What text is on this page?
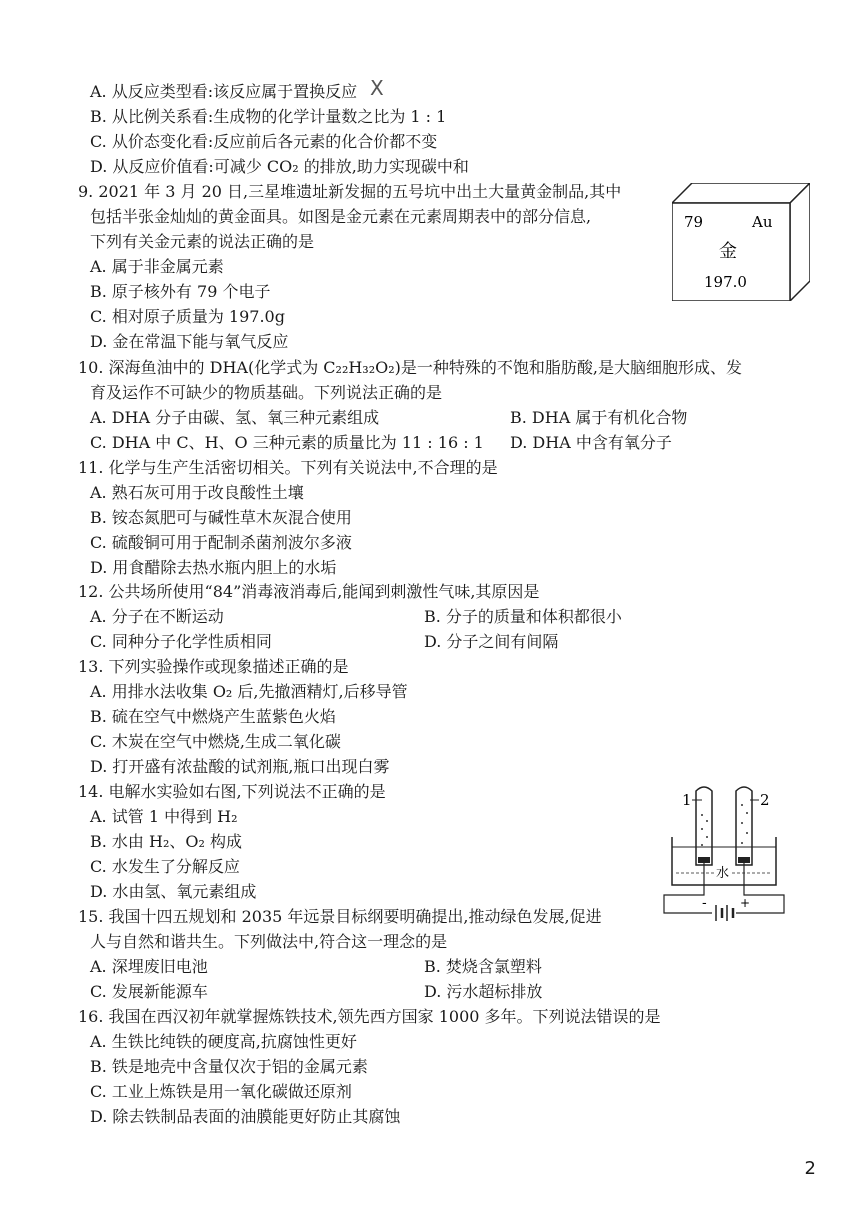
A. 从反应类型看:该反应属于置换反应 X
B. 从比例关系看:生成物的化学计量数之比为 1 : 1
C. 从价态变化看:反应前后各元素的化合价都不变
D. 从反应价值看:可减少 CO₂ 的排放,助力实现碳中和
9. 2021 年 3 月 20 日,三星堆遗址新发掘的五号坑中出土大量黄金制品,其中
包括半张金灿灿的黄金面具。如图是金元素在元素周期表中的部分信息,
下列有关金元素的说法正确的是
A. 属于非金属元素
B. 原子核外有 79 个电子
C. 相对原子质量为 197.0g
D. 金在常温下能与氧气反应
79	Au
金
197.0
10. 深海鱼油中的 DHA(化学式为 C₂₂H₃₂O₂)是一种特殊的不饱和脂肪酸,是大脑细胞形成、发
育及运作不可缺少的物质基础。下列说法正确的是
A. DHA 分子由碳、氢、氧三种元素组成	B. DHA 属于有机化合物
C. DHA 中 C、H、O 三种元素的质量比为 11 : 16 : 1 D. DHA 中含有氧分子
11. 化学与生产生活密切相关。下列有关说法中,不合理的是
A. 熟石灰可用于改良酸性土壤
B. 铵态氮肥可与碱性草木灰混合使用
C. 硫酸铜可用于配制杀菌剂波尔多液
D. 用食醋除去热水瓶内胆上的水垢
12. 公共场所使用“84”消毒液消毒后,能闻到刺激性气味,其原因是
A. 分子在不断运动	B. 分子的质量和体积都很小
C. 同种分子化学性质相同	D. 分子之间有间隔
13. 下列实验操作或现象描述正确的是
A. 用排水法收集 O₂ 后,先撤酒精灯,后移导管
B. 硫在空气中燃烧产生蓝紫色火焰
C. 木炭在空气中燃烧,生成二氧化碳
D. 打开盛有浓盐酸的试剂瓶,瓶口出现白雾
14. 电解水实验如右图,下列说法不正确的是
A. 试管 1 中得到 H₂
B. 水由 H₂、O₂ 构成
C. 水发生了分解反应
D. 水由氢、氧元素组成
1	2
水
-	+
15. 我国十四五规划和 2035 年远景目标纲要明确提出,推动绿色发展,促进
人与自然和谐共生。下列做法中,符合这一理念的是
A. 深埋废旧电池	B. 焚烧含氯塑料
C. 发展新能源车	D. 污水超标排放
16. 我国在西汉初年就掌握炼铁技术,领先西方国家 1000 多年。下列说法错误的是
A. 生铁比纯铁的硬度高,抗腐蚀性更好
B. 铁是地壳中含量仅次于铝的金属元素
C. 工业上炼铁是用一氧化碳做还原剂
D. 除去铁制品表面的油膜能更好防止其腐蚀
2
